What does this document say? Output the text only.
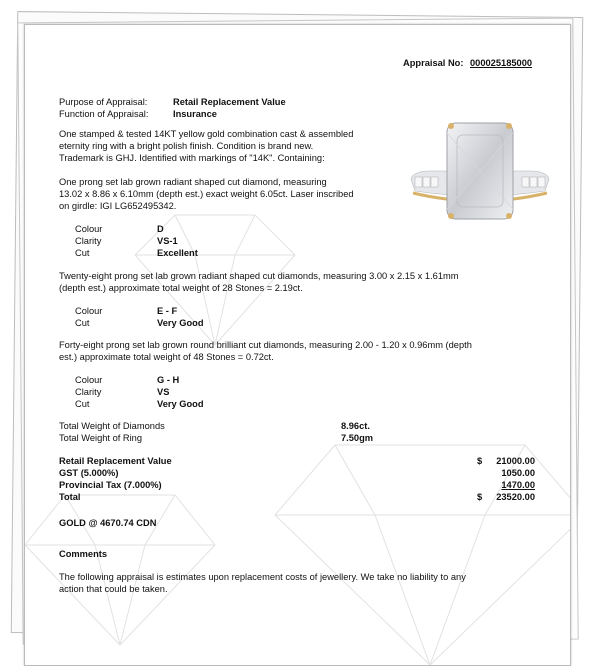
Appraisal No: 000025185000
Purpose of Appraisal:	Retail Replacement Value
Function of Appraisal:	Insurance
One stamped & tested 14KT yellow gold combination cast & assembled
eternity ring with a bright polish finish. Condition is brand new.
Trademark is GHJ. Identified with markings of "14K". Containing:
One prong set lab grown radiant shaped cut diamond, measuring
13.02 x 8.86 x 6.10mm (depth est.) exact weight 6.05ct. Laser inscribed
on girdle: IGI LG652495342.
Colour	D
Clarity	VS-1
Cut	Excellent
Twenty-eight prong set lab grown radiant shaped cut diamonds, measuring 3.00 x 2.15 x 1.61mm
(depth est.) approximate total weight of 28 Stones = 2.19ct.
Colour	E - F
Cut	Very Good
Forty-eight prong set lab grown round brilliant cut diamonds, measuring 2.00 - 1.20 x 0.96mm (depth
est.) approximate total weight of 48 Stones = 0.72ct.
Colour	G - H
Clarity	VS
Cut	Very Good
Total Weight of Diamonds	8.96ct.
Total Weight of Ring	7.50gm
Retail Replacement Value	$	21000.00
GST (5.000%)	1050.00
Provincial Tax (7.000%)	1470.00
Total	$	23520.00
GOLD @ 4670.74 CDN
Comments
The following appraisal is estimates upon replacement costs of jewellery. We take no liability to any
action that could be taken.
